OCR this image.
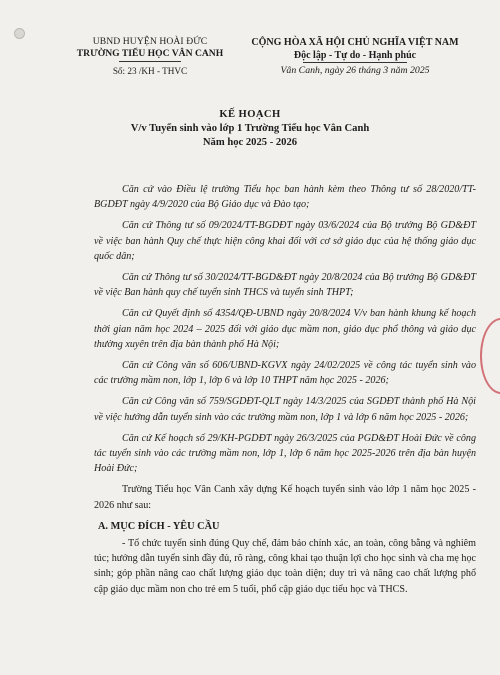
UBND HUYỆN HOÀI ĐỨC
TRƯỜNG TIỂU HỌC VÂN CANH
Số: 23 /KH - THVC
CỘNG HÒA XÃ HỘI CHỦ NGHĨA VIỆT NAM
Độc lập - Tự do - Hạnh phúc
Vân Canh, ngày 26 tháng 3 năm 2025
KẾ HOẠCH
V/v Tuyển sinh vào lớp 1 Trường Tiểu học Vân Canh
Năm học 2025 - 2026

Căn cứ vào Điều lệ trường Tiểu học ban hành kèm theo Thông tư số 28/2020/TT- BGDĐT ngày 4/9/2020 của Bộ Giáo dục và Đào tạo;

Căn cứ Thông tư số 09/2024/TT-BGDĐT ngày 03/6/2024 của Bộ trưởng Bộ GD&ĐT về việc ban hành Quy chế thực hiện công khai đối với cơ sở giáo dục của hệ thống giáo dục quốc dân;

Căn cứ Thông tư số 30/2024/TT-BGD&ĐT ngày 20/8/2024 của Bộ trưởng Bộ GD&ĐT về việc Ban hành quy chế tuyển sinh THCS và tuyển sinh THPT;

Căn cứ Quyết định số 4354/QĐ-UBND ngày 20/8/2024 V/v ban hành khung kế hoạch thời gian năm học 2024 – 2025 đối với giáo dục mầm non, giáo dục phổ thông và giáo dục thường xuyên trên địa bàn thành phố Hà Nội;

Căn cứ Công văn số 606/UBND-KGVX ngày 24/02/2025 về công tác tuyển sinh vào các trường mầm non, lớp 1, lớp 6 và lớp 10 THPT năm học 2025 - 2026;

Căn cứ Công văn số 759/SGDĐT-QLT ngày 14/3/2025 của SGDĐT thành phố Hà Nội về việc hướng dẫn tuyển sinh vào các trường mầm non, lớp 1 và lớp 6 năm học 2025 - 2026;

Căn cứ Kế hoạch số 29/KH-PGDĐT ngày 26/3/2025 của PGD&ĐT Hoài Đức về công tác tuyển sinh vào các trường mầm non, lớp 1, lớp 6 năm học 2025-2026 trên địa bàn huyện Hoài Đức;

Trường Tiểu học Vân Canh xây dựng Kế hoạch tuyển sinh vào lớp 1 năm học 2025 - 2026 như sau:

A. MỤC ĐÍCH - YÊU CẦU

- Tổ chức tuyển sinh đúng Quy chế, đảm bảo chính xác, an toàn, công bằng và nghiêm túc; hướng dẫn tuyển sinh đầy đủ, rõ ràng, công khai tạo thuận lợi cho học sinh và cha mẹ học sinh; góp phần nâng cao chất lượng giáo dục toàn diện; duy trì và nâng cao chất lượng phổ cập giáo dục mầm non cho trẻ em 5 tuổi, phổ cập giáo dục tiểu học và THCS.
